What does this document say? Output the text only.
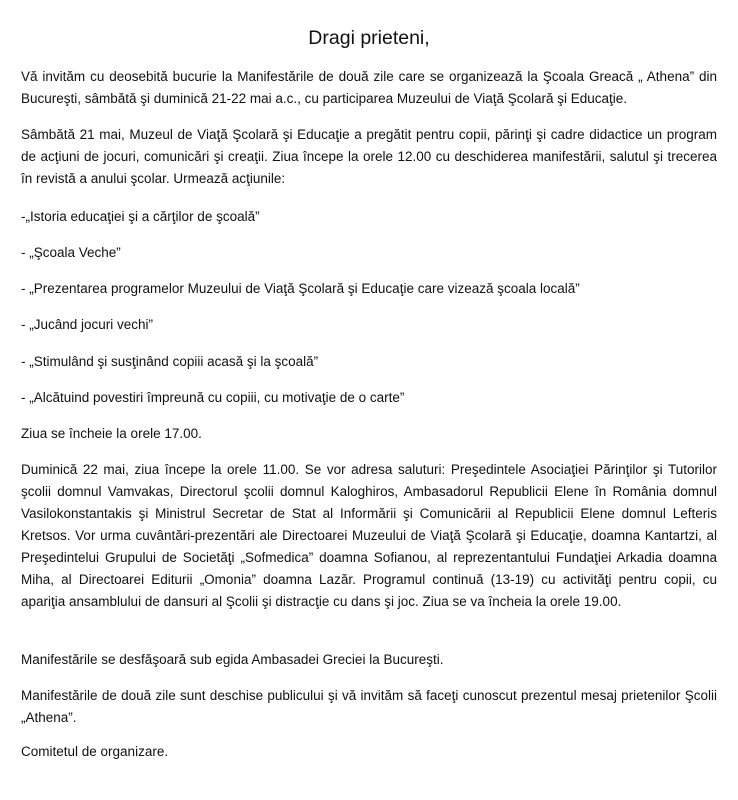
Dragi prieteni,

Vă invităm cu deosebită bucurie la Manifestările de două zile care se organizează la Şcoala Greacă „ Athena” din Bucureşti, sâmbătă şi duminică 21-22 mai a.c., cu participarea Muzeului de Viaţă Şcolară şi Educaţie.

Sâmbătă 21 mai, Muzeul de Viaţă Şcolară şi Educaţie a pregătit pentru copii, părinţi şi cadre didactice un program de acţiuni de jocuri, comunicări şi creaţii. Ziua începe la orele 12.00 cu deschiderea manifestării, salutul şi trecerea în revistă a anului şcolar. Urmează acţiunile:

-„Istoria educaţiei şi a cărţilor de şcoală”

- „Şcoala Veche”

- „Prezentarea programelor Muzeului de Viaţă Şcolară şi Educaţie care vizează şcoala locală”

- „Jucând jocuri vechi”

- „Stimulând şi susţinând copiii acasă şi la şcoală”

- „Alcătuind povestiri împreună cu copiii, cu motivaţie de o carte”

Ziua se încheie la orele 17.00.

Duminică 22 mai, ziua începe la orele 11.00. Se vor adresa saluturi: Preşedintele Asociaţiei Părinţilor şi Tutorilor şcolii domnul Vamvakas, Directorul şcolii domnul Kaloghiros, Ambasadorul Republicii Elene în România domnul Vasilokonstantakis şi Ministrul Secretar de Stat al Informării şi Comunicării al Republicii Elene domnul Lefteris Kretsos. Vor urma cuvântări-prezentări ale Directoarei Muzeului de Viaţă Şcolară şi Educaţie, doamna Kantartzi, al Preşedintelui Grupului de Societăţi „Sofmedica” doamna Sofianou, al reprezentantului Fundaţiei Arkadia doamna Miha, al Directoarei Editurii „Omonia” doamna Lazăr. Programul continuă (13-19) cu activităţi pentru copii, cu apariţia ansamblului de dansuri al Şcolii şi distracţie cu dans şi joc. Ziua se va încheia la orele 19.00.

Manifestările se desfăşoară sub egida Ambasadei Greciei la Bucureşti.

Manifestările de două zile sunt deschise publicului şi vă invităm să faceţi cunoscut prezentul mesaj prietenilor Şcolii „Athena”.

Comitetul de organizare.
